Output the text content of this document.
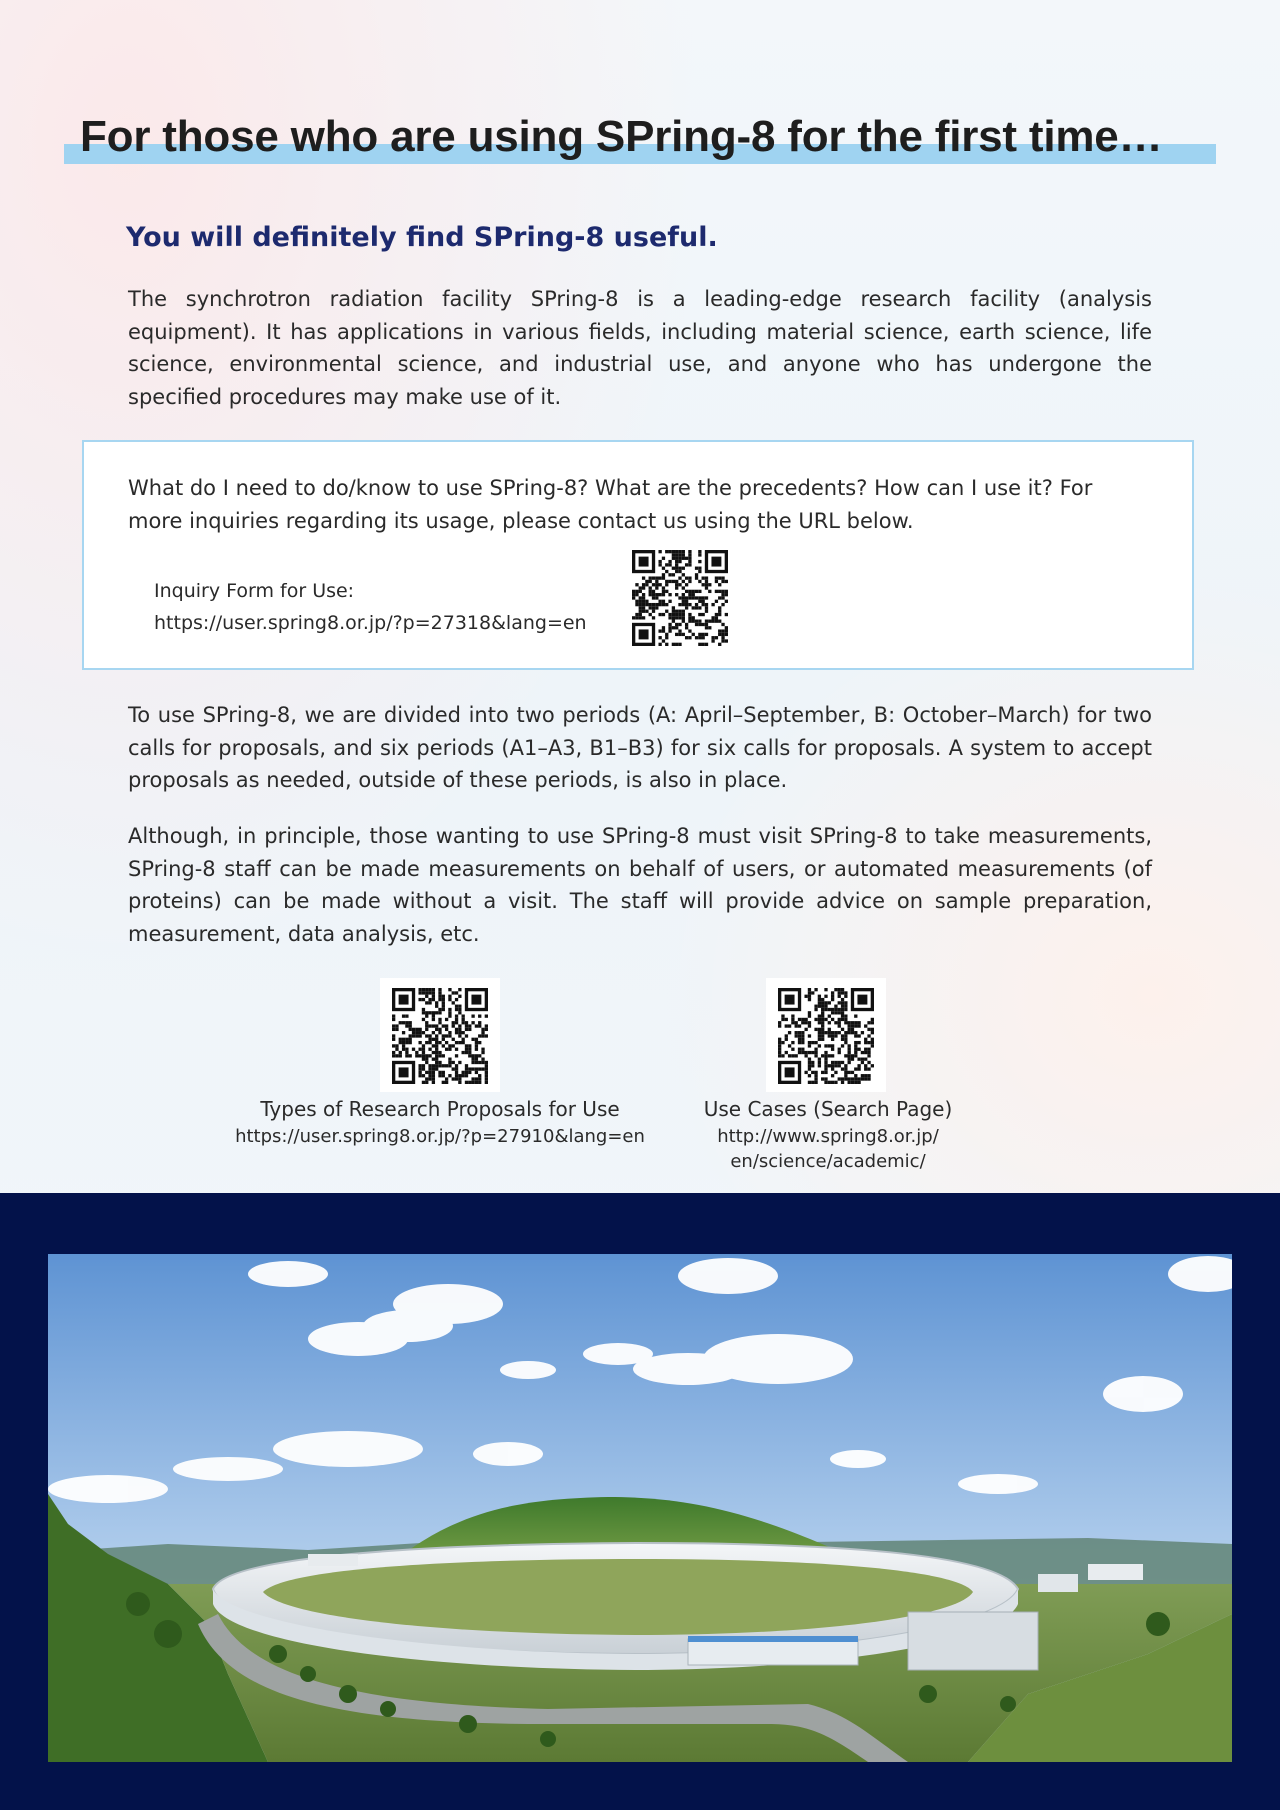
For those who are using SPring-8 for the first time…
You will definitely find SPring-8 useful.

The synchrotron radiation facility SPring-8 is a leading-edge research facility (analysis equipment). It has applications in various fields, including material science, earth science, life science, environmental science, and industrial use, and anyone who has undergone the specified procedures may make use of it.

What do I need to do/know to use SPring-8? What are the precedents? How can I use it? For more inquiries regarding its usage, please contact us using the URL below.

Inquiry Form for Use:

https://user.spring8.or.jp/?p=27318&lang=en

To use SPring-8, we are divided into two periods (A: April–September, B: October–March) for two calls for proposals, and six periods (A1–A3, B1–B3) for six calls for proposals. A system to accept proposals as needed, outside of these periods, is also in place.

Although, in principle, those wanting to use SPring-8 must visit SPring-8 to take measurements, SPring-8 staff can be made measurements on behalf of users, or automated measurements (of proteins) can be made without a visit. The staff will provide advice on sample preparation, measurement, data analysis, etc.

Types of Research Proposals for Use

https://user.spring8.or.jp/?p=27910&lang=en

Use Cases (Search Page)

http://www.spring8.or.jp/

en/science/academic/
